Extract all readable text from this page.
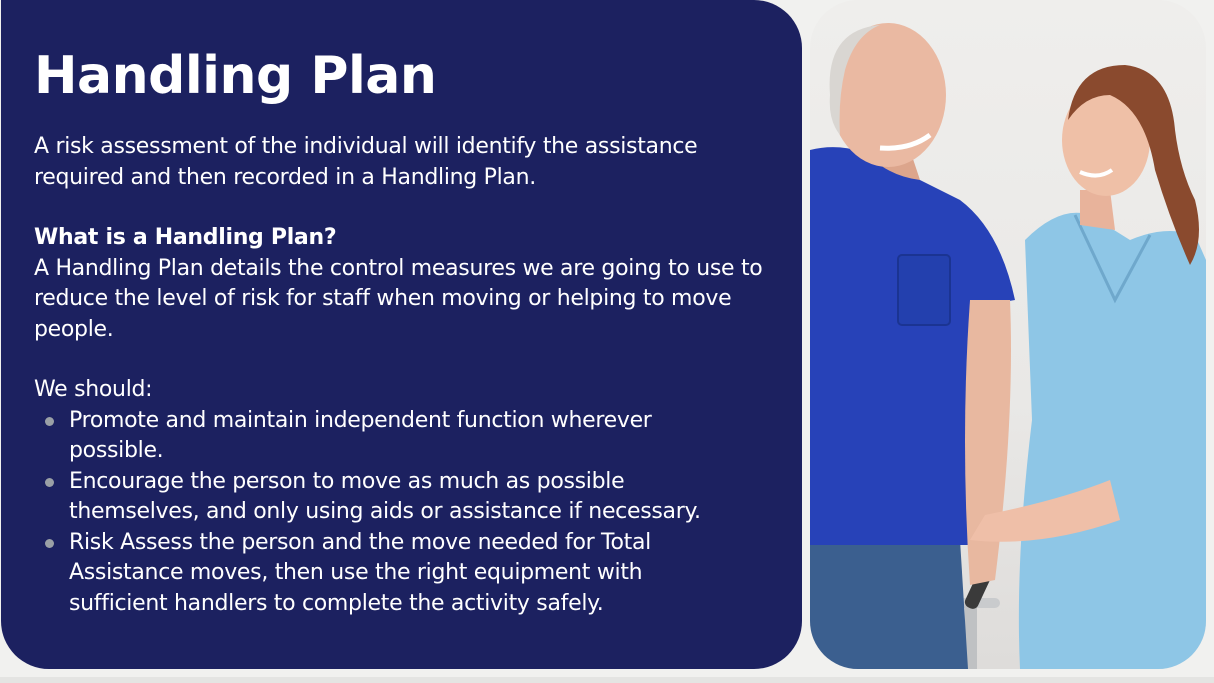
Handling Plan

A risk assessment of the individual will identify the assistance required and then recorded in a Handling Plan.

What is a Handling Plan?

A Handling Plan details the control measures we are going to use to reduce the level of risk for staff when moving or helping to move people.

We should:

Promote and maintain independent function wherever possible.
Encourage the person to move as much as possible themselves, and only using aids or assistance if necessary.
Risk Assess the person and the move needed for Total Assistance moves, then use the right equipment with sufficient handlers to complete the activity safely.
